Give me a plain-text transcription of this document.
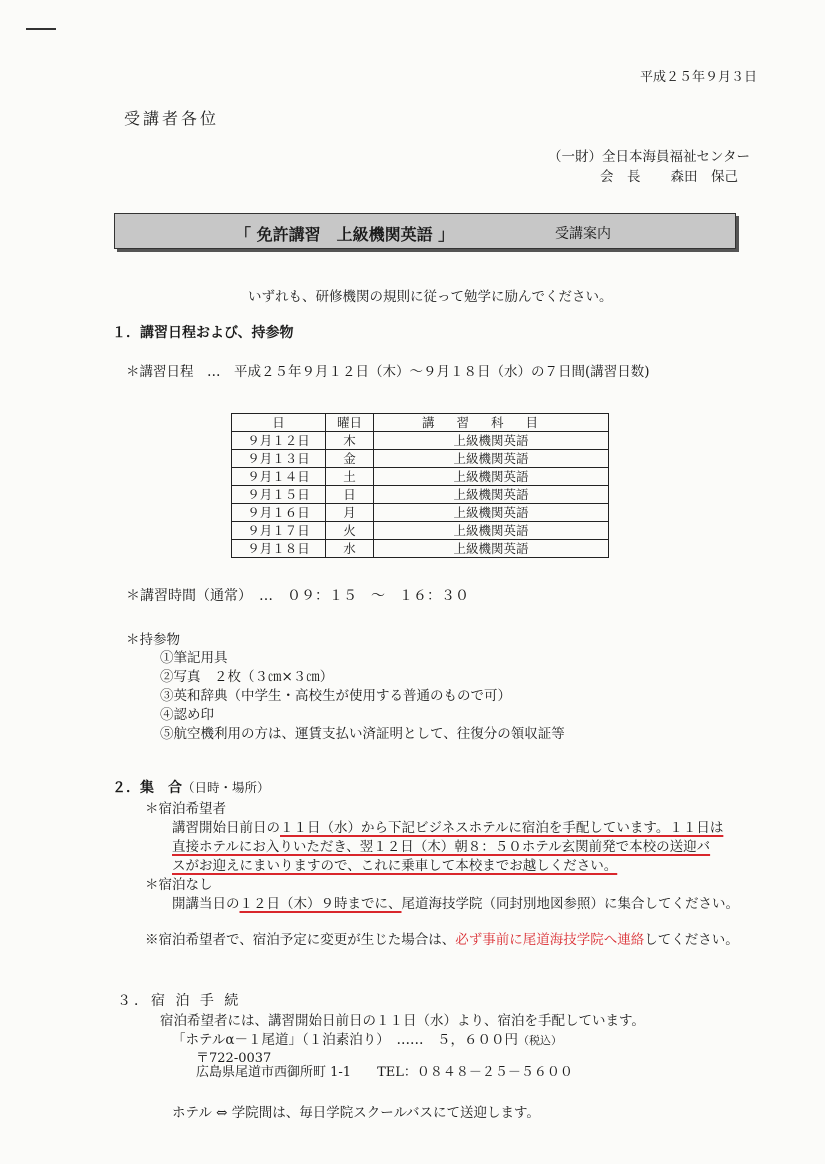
平成２５年９月３日
受講者各位
（一財）全日本海員福祉センター
会　長 森田　保己
「 免許講習　上級機関英語 」	受講案内
いずれも、研修機関の規則に従って勉学に励んでください。
１．講習日程および、持参物
＊講習日程　 …　平成２５年９月１２日（木）～９月１８日（水）の７日間(講習日数)
日	曜日	講習科目
９月１２日	木	上級機関英語
９月１３日	金	上級機関英語
９月１４日	土	上級機関英語
９月１５日	日	上級機関英語
９月１６日	月	上級機関英語
９月１７日	火	上級機関英語
９月１８日	水	上級機関英語
＊講習時間（通常）　 …　０９：１５　～　１６：３０
＊持参物
①筆記用具
②写真　２枚（３㎝×３㎝）
③英和辞典（中学生・高校生が使用する普通のもので可）
④認め印
⑤航空機利用の方は、運賃支払い済証明として、往復分の領収証等
２．集　合（日時・場所）
＊宿泊希望者
講習開始日前日の１１日（水）から下記ビジネスホテルに宿泊を手配しています。１１日は
直接ホテルにお入りいただき、翌１２日（木）朝８：５０ホテル玄関前発で本校の送迎バ
スがお迎えにまいりますので、これに乗車して本校までお越しください。
＊宿泊なし
開講当日の１２日（木）９時までに、尾道海技学院（同封別地図参照）に集合してください。
※宿泊希望者で、宿泊予定に変更が生じた場合は、必ず事前に尾道海技学院へ連絡してください。
３．宿 泊 手 続
宿泊希望者には、講習開始日前日の１１日（水）より、宿泊を手配しています。
「ホテルα－１尾道」（１泊素泊り）　……　５，６００円（税込）
〒722-0037
広島県尾道市西御所町 1-1　　 TEL：０８４８－２５－５６００
ホテル ⇔ 学院間は、毎日学院スクールバスにて送迎します。
